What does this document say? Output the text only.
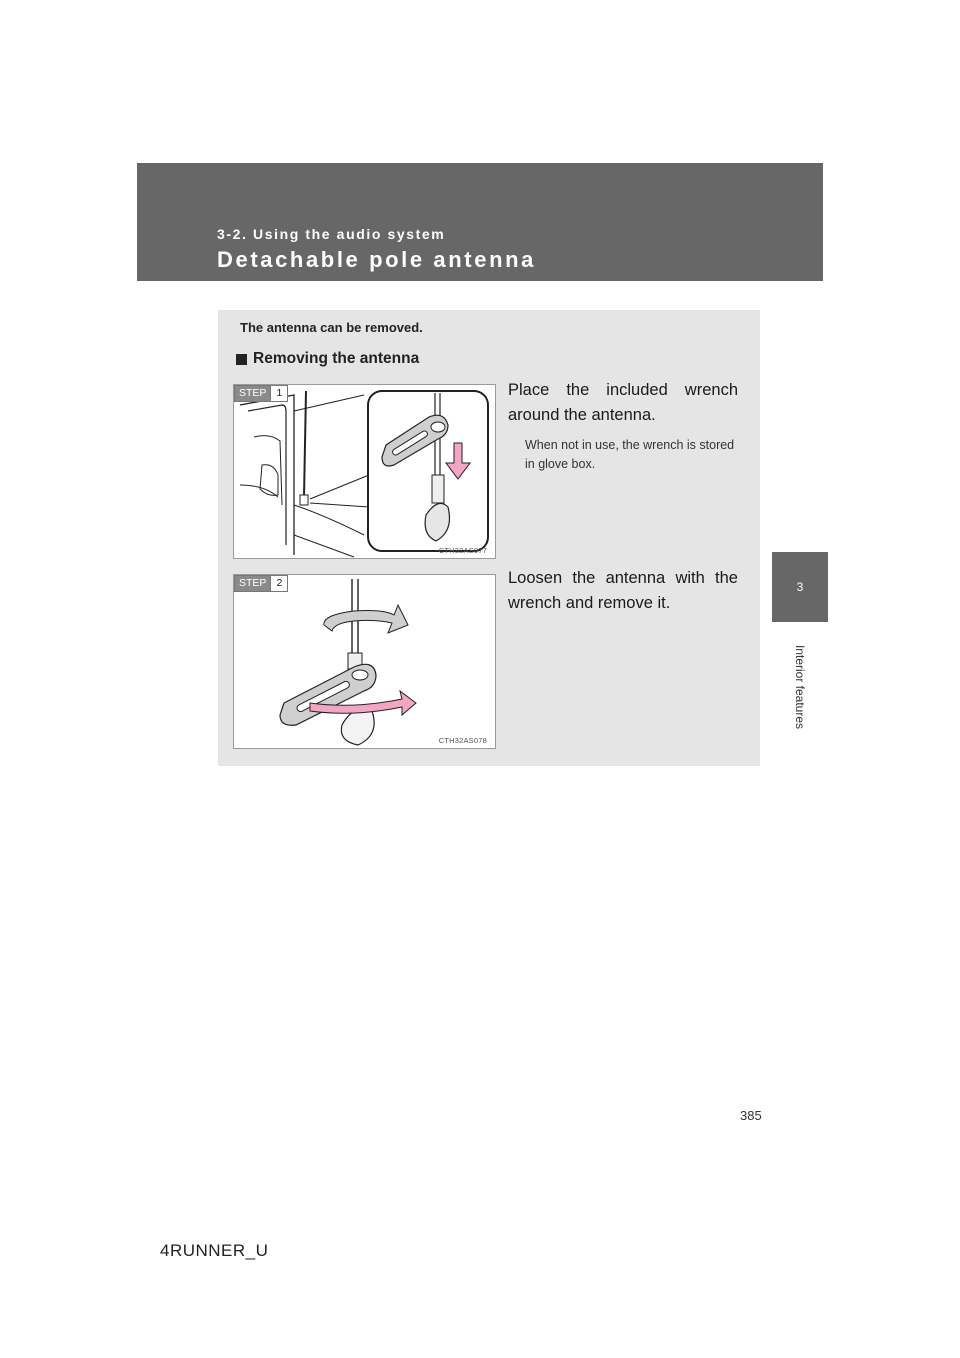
3-2. Using the audio system
Detachable pole antenna
3
Interior features
The antenna can be removed.
Removing the antenna
STEP 1
CTH32AS077
Place the included wrench around the antenna.
When not in use, the wrench is stored in glove box.
STEP 2
CTH32AS078
Loosen the antenna with the wrench and remove it.
385
4RUNNER_U
